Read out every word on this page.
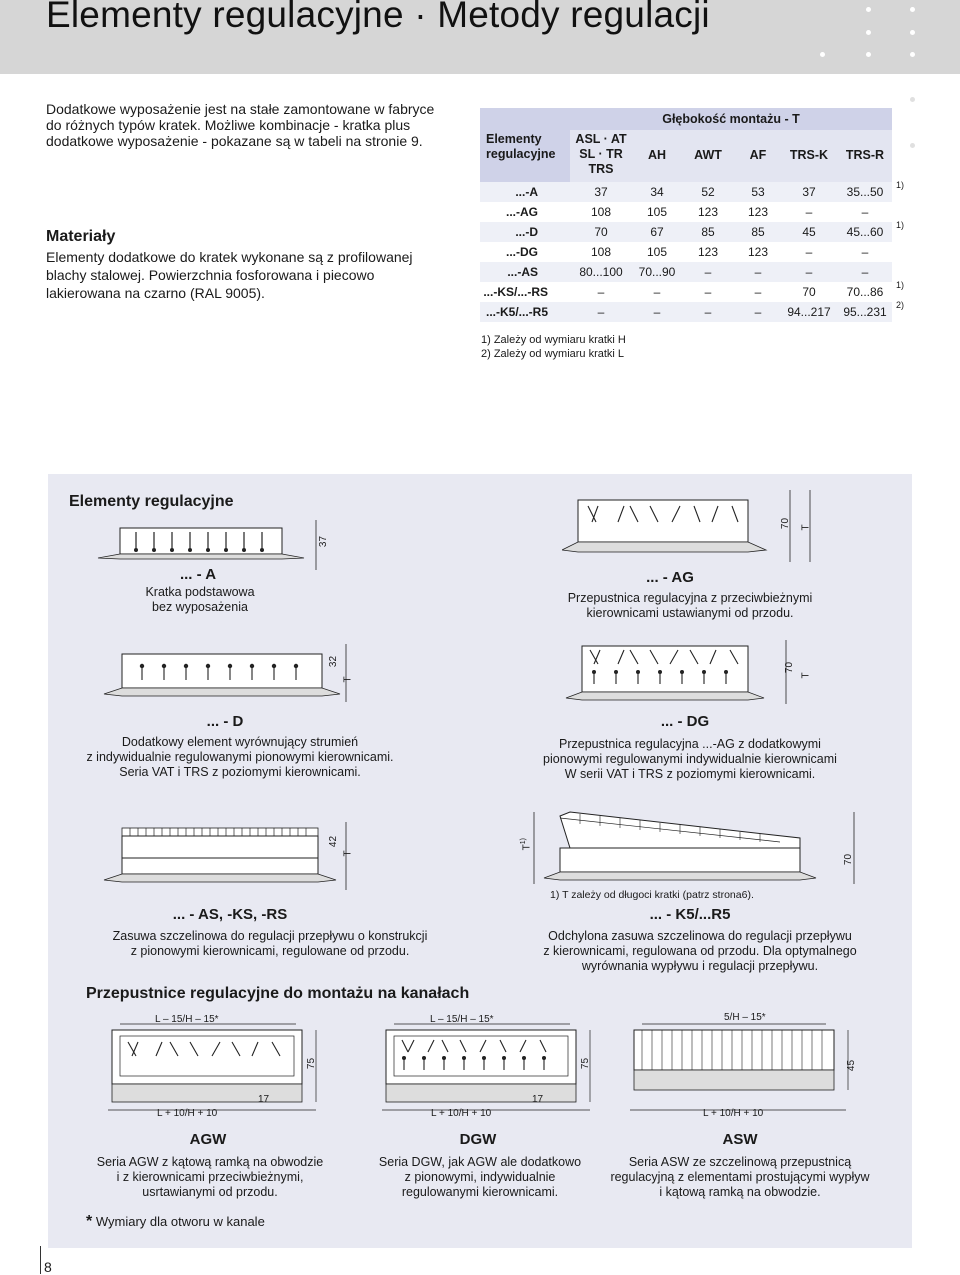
Elementy regulacyjne · Metody regulacji
Dodatkowe wyposażenie jest na stałe zamontowane w fabryce do różnych typów kratek. Możliwe kombinacje - kratka plus dodatkowe wyposażenie - pokazane są w tabeli na stronie 9.
Materiały
Elementy dodatkowe do kratek wykonane są z profilowanej blachy stalowej. Powierzchnia fosforowana i piecowo lakierowana na czarno (RAL 9005).
Elementy
regulacyjne
Głębokość montażu - T
ASL · AT
SL · TR
TRS
AH	AWT	AF	TRS-K	TRS-R
...-A	37	34	52	53	37	35...50	1)
...-AG	108	105	123	123	–	–
...-D	70	67	85	85	45	45...60	1)
...-DG	108	105	123	123	–	–
...-AS	80...100	70...90	–	–	–	–
...-KS/...-RS	–	–	–	–	70	70...86	1)
...-K5/...-R5	–	–	–	–	94...217	95...231	2)
1) Zależy od wymiaru kratki H
2) Zależy od wymiaru kratki L
Elementy regulacyjne
37
... - A
Kratka podstawowa
bez wyposażenia
70 T
... - AG
Przepustnica regulacyjna z przeciwbieżnymi
kierownicami ustawianymi od przodu.
32
T
... - D
Dodatkowy element wyrównujący strumień
z indywidualnie regulowanymi pionowymi kierownicami.
Seria VAT i TRS z poziomymi kierownicami.
70
T
... - DG
Przepustnica regulacyjna ...-AG z dodatkowymi
pionowymi regulowanymi indywidualnie kierownicami
W serii VAT i TRS z poziomymi kierownicami.
42
T
... - AS, -KS, -RS
Zasuwa szczelinowa do regulacji przepływu o konstrukcji
z pionowymi kierownicami, regulowane od przodu.
$T^{1)}$
70
1) T zależy od długoci kratki (patrz strona6).
... - K5/...R5
Odchylona zasuwa szczelinowa do regulacji przepływu
z kierownicami, regulowana od przodu. Dla optymalnego
wyrównania wypływu i regulacji przepływu.
Przepustnice regulacyjne do montażu na kanałach
L – 15/H – 15*
75
17
L + 10/H + 10
AGW
Seria AGW z kątową ramką na obwodzie
i z kierownicami przeciwbieżnymi,
usrtawianymi od przodu.
L – 15/H – 15*
75
17
L + 10/H + 10
DGW
Seria DGW, jak AGW ale dodatkowo
z pionowymi, indywidualnie
regulowanymi kierownicami.
5/H – 15*
45
L + 10/H + 10
ASW
Seria ASW ze szczelinową przepustnicą
regulacyjną z elementami prostującymi wypływ
i kątową ramką na obwodzie.
* Wymiary dla otworu w kanale
8
